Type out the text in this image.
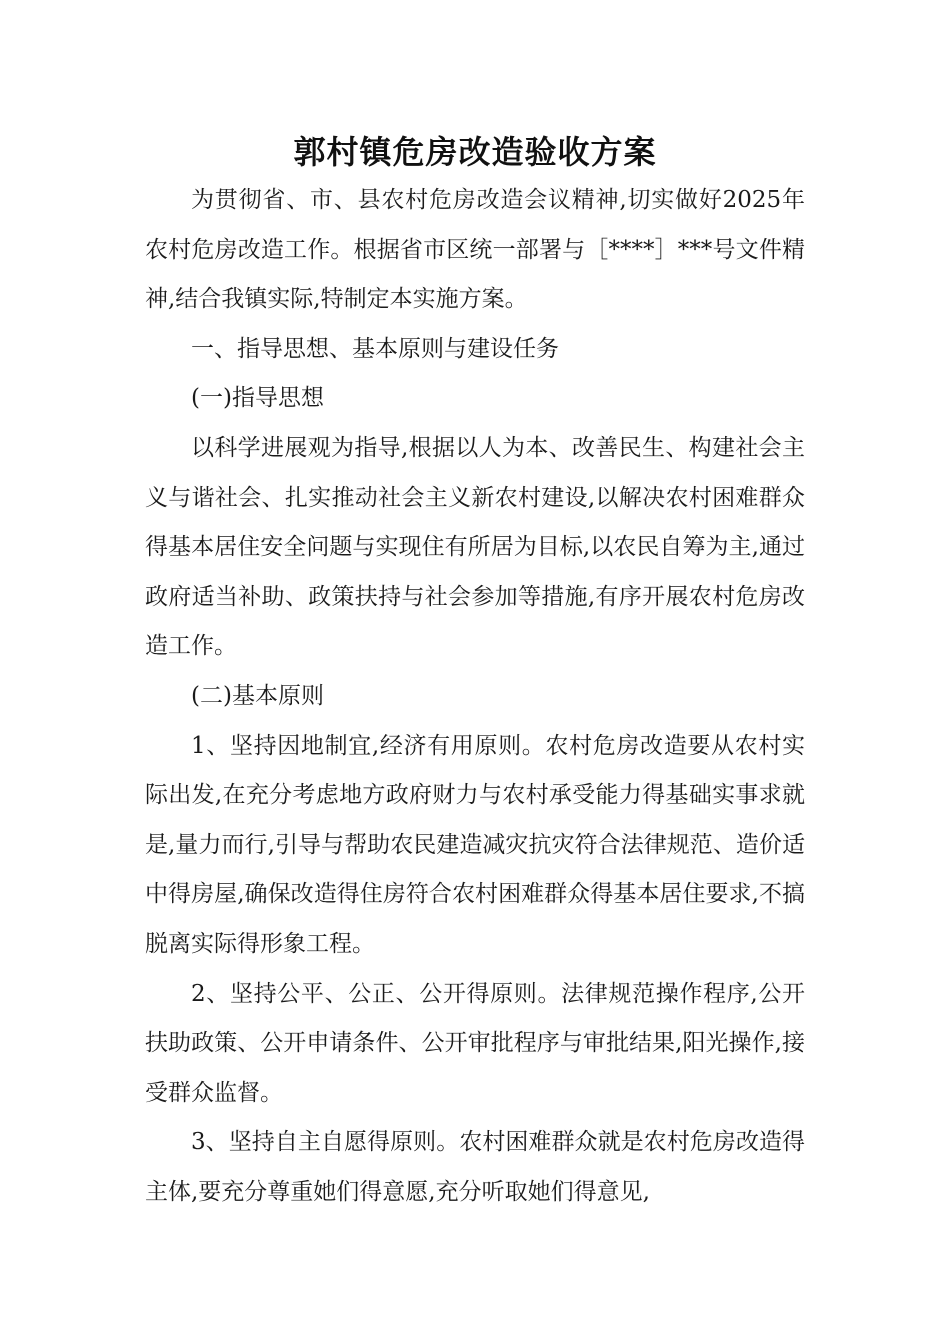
郭村镇危房改造验收方案

为贯彻省、市、县农村危房改造会议精神,切实做好2025年农村危房改造工作。根据省市区统一部署与［****］***号文件精神,结合我镇实际,特制定本实施方案。

一、指导思想、基本原则与建设任务

(一)指导思想

以科学进展观为指导,根据以人为本、改善民生、构建社会主义与谐社会、扎实推动社会主义新农村建设,以解决农村困难群众得基本居住安全问题与实现住有所居为目标,以农民自筹为主,通过政府适当补助、政策扶持与社会参加等措施,有序开展农村危房改造工作。

(二)基本原则

1、坚持因地制宜,经济有用原则。农村危房改造要从农村实际出发,在充分考虑地方政府财力与农村承受能力得基础实事求就是,量力而行,引导与帮助农民建造减灾抗灾符合法律规范、造价适中得房屋,确保改造得住房符合农村困难群众得基本居住要求,不搞脱离实际得形象工程。

2、坚持公平、公正、公开得原则。法律规范操作程序,公开扶助政策、公开申请条件、公开审批程序与审批结果,阳光操作,接受群众监督。

3、坚持自主自愿得原则。农村困难群众就是农村危房改造得主体,要充分尊重她们得意愿,充分听取她们得意见,
